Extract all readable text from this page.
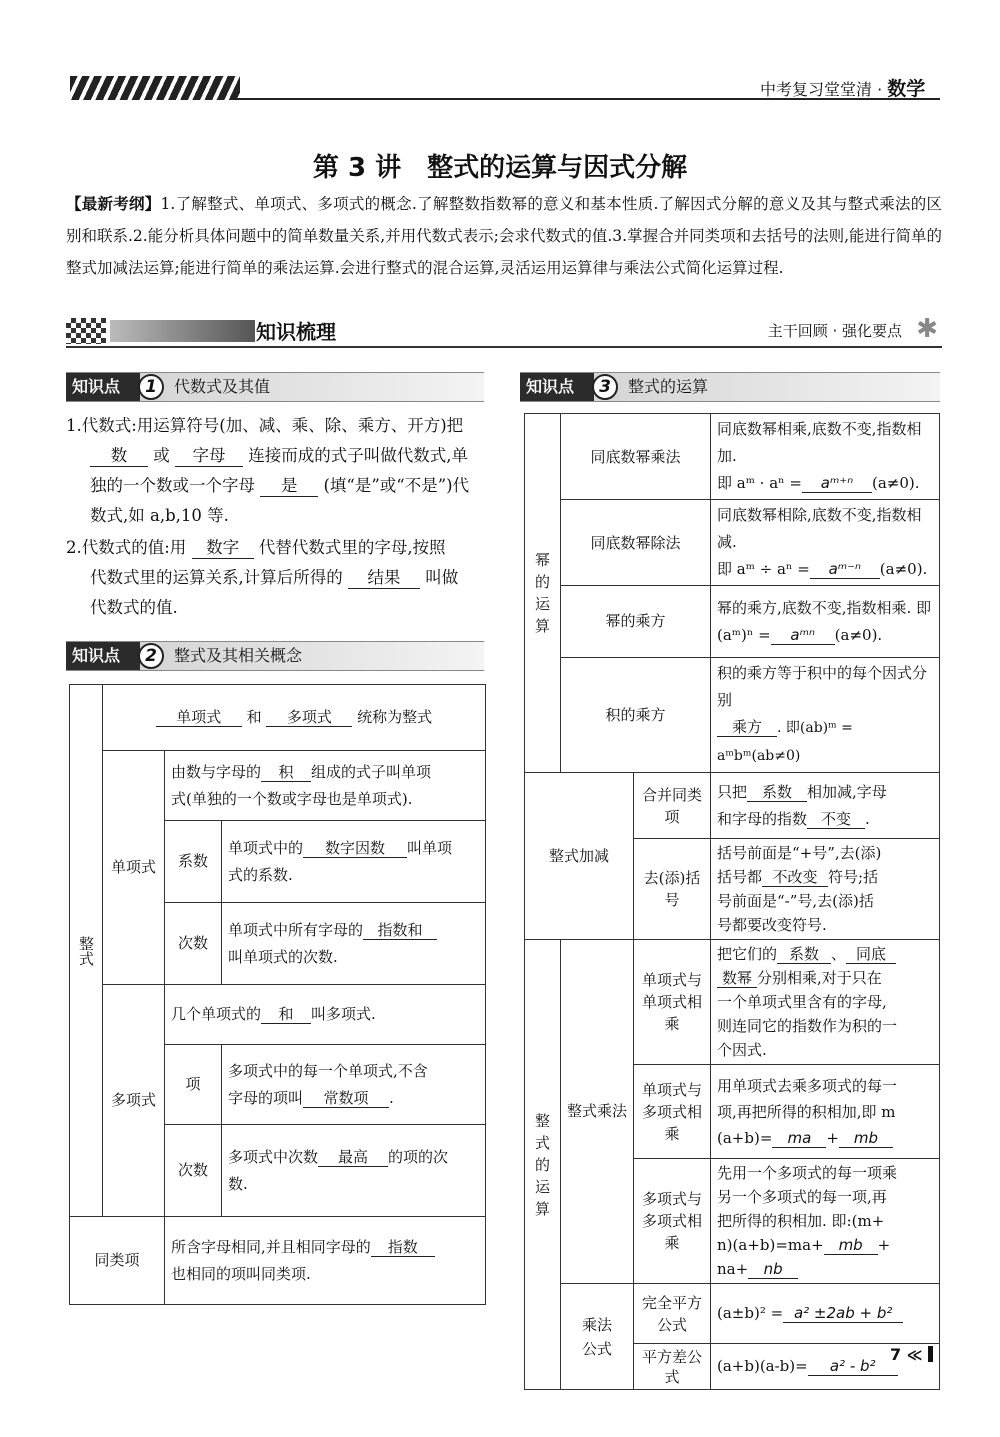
中考复习堂堂清 · 数学
第 3 讲　整式的运算与因式分解
【最新考纲】1.了解整式、单项式、多项式的概念.了解整数指数幂的意义和基本性质.了解因式分解的意义及其与整式乘法的区别和联系.2.能分析具体问题中的简单数量关系,并用代数式表示;会求代数式的值.3.掌握合并同类项和去括号的法则,能进行简单的整式加减法运算;能进行简单的乘法运算.会进行整式的混合运算,灵活运用运算律与乘法公式简化运算过程.
知识梳理	主干回顾 · 强化要点 ✱
知识点	1	代数式及其值
1.代数式:用运算符号(加、减、乘、除、乘方、开方)把
数 或 字母 连接而成的式子叫做代数式,单
独的一个数或一个字母 是 (填“是”或“不是”)代
数式,如 a,b,10 等.
2.代数式的值:用 数字 代替代数式里的字母,按照
代数式里的运算关系,计算后所得的 结果 叫做
代数式的值.
知识点	2	整式及其相关概念
整式	单项式 和 多项式 统称为整式		
	单项式	由数与字母的 积 组成的式子叫单项
式(单独的一个数或字母也是单项式).	
		系数	单项式中的 数字因数 叫单项
式的系数.
		次数	单项式中所有字母的 指数和
叫单项式的次数.
	多项式	几个单项式的 和 叫多项式.	
		项	多项式中的每一个单项式,不含
字母的项叫 常数项 .
		次数	多项式中次数 最高 的项的次
数.
同类项		所含字母相同,并且相同字母的 指数
也相同的项叫同类项.	
知识点	3	整式的运算
幂的运算	同底数幂乘法		同底数幂相乘,底数不变,指数相加.
即 aᵐ · aⁿ = aᵐ⁺ⁿ (a≠0).
	同底数幂除法		同底数幂相除,底数不变,指数相减.
即 aᵐ ÷ aⁿ = aᵐ⁻ⁿ (a≠0).
	幂的乘方		幂的乘方,底数不变,指数相乘. 即
(aᵐ)ⁿ = aᵐⁿ (a≠0).
	积的乘方		积的乘方等于积中的每个因式分别
乘方 . 即(ab)ᵐ = aᵐbᵐ(ab≠0)
整式加减		合并同类项	只把 系数 相加减,字母
和字母的指数 不变 .
		去(添)括号	括号前面是“+号”,去(添)
括号都 不改变 符号;括
号前面是“-”号,去(添)括
号都要改变符号.
整式的运算	整式乘法	单项式与单项式相乘	把它们的 系数 、 同底
数幂 分别相乘,对于只在
一个单项式里含有的字母,
则连同它的指数作为积的一
个因式.
		单项式与多项式相乘	用单项式去乘多项式的每一
项,再把所得的积相加,即 m
(a+b)= ma + mb
		多项式与多项式相乘	先用一个多项式的每一项乘
另一个多项式的每一项,再
把所得的积相加. 即:(m+
n)(a+b)=ma+ mb +
na+ nb
	乘法公式	完全平方公式	(a±b)² = a² ±2ab + b²
		平方差公式	(a+b)(a-b)= a² - b²
7 ≪
